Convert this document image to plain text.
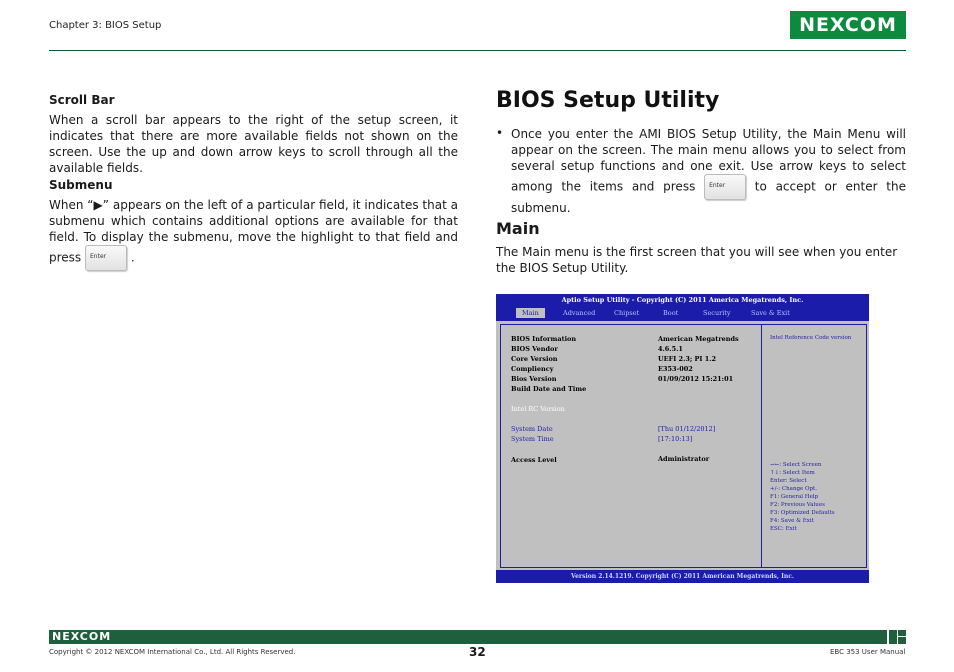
Chapter 3: BIOS Setup	NEXCOM
Scroll Bar
When a scroll bar appears to the right of the setup screen, it indicates that there are more available fields not shown on the screen. Use the up and down arrow keys to scroll through all the available fields.
Submenu
When “▶” appears on the left of a particular field, it indicates that a submenu which contains additional options are available for that field. To display the submenu, move the highlight to that field and press Enter .
BIOS Setup Utility
• Once you enter the AMI BIOS Setup Utility, the Main Menu will appear on the screen. The main menu allows you to select from several setup functions and one exit. Use arrow keys to select among the items and press Enter to accept or enter the submenu.
Main
The Main menu is the first screen that you will see when you enter the BIOS Setup Utility.
Aptio Setup Utility - Copyright (C) 2011 America Megatrends, Inc.
Main	Advanced	Chipset	Boot	Security	Save & Exit
BIOS Information	American Megatrends
BIOS Vendor	4.6.5.1
Core Version	UEFI 2.3; PI 1.2
Compliency	E353-002
Bios Version	01/09/2012 15:21:01
Build Date and Time
Intel RC Version
System Date	[Thu 01/12/2012]
System Time	[17:10:13]
Access Level	Administrator
Intel Reference Code version
→←: Select Screen
↑↓: Select Item
Enter: Select
+/-: Change Opt.
F1: General Help
F2: Previous Values
F3: Optimized Defaults
F4: Save & Exit
ESC: Exit
Version 2.14.1219. Copyright (C) 2011 American Megatrends, Inc.
NEXCOM
Copyright © 2012 NEXCOM International Co., Ltd. All Rights Reserved.	32	EBC 353 User Manual
